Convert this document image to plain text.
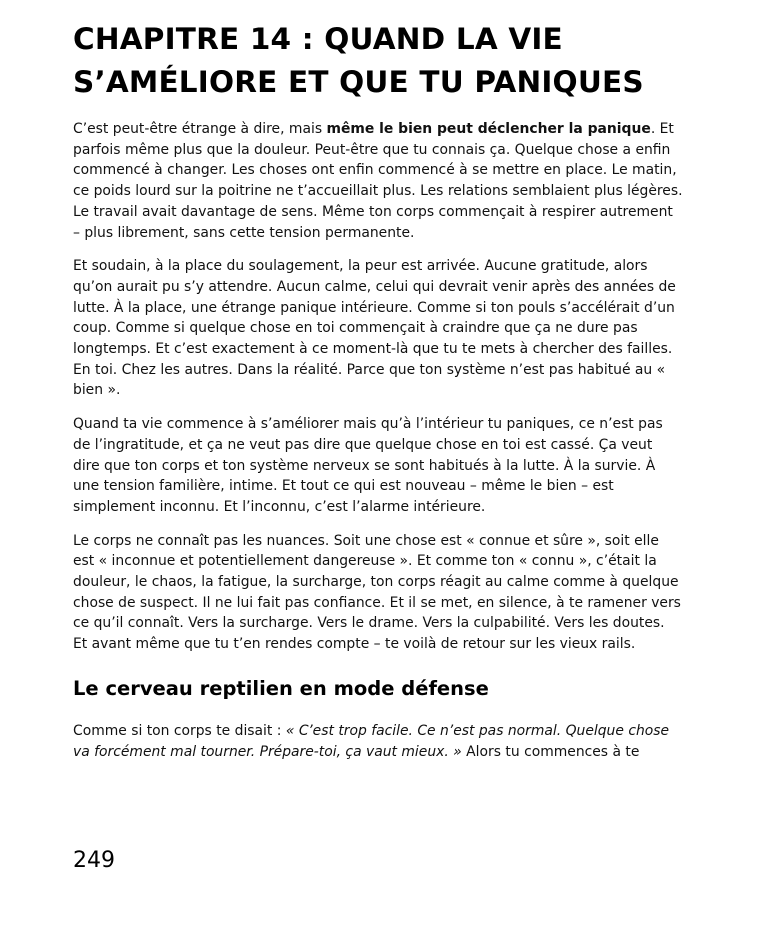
CHAPITRE 14 : QUAND LA VIE S’AMÉLIORE ET QUE TU PANIQUES

C’est peut-être étrange à dire, mais même le bien peut déclencher la panique. Et parfois même plus que la douleur. Peut-être que tu connais ça. Quelque chose a enfin commencé à changer. Les choses ont enfin commencé à se mettre en place. Le matin, ce poids lourd sur la poitrine ne t’accueillait plus. Les relations semblaient plus légères. Le travail avait davantage de sens. Même ton corps commençait à respirer autrement – plus librement, sans cette tension permanente.

Et soudain, à la place du soulagement, la peur est arrivée. Aucune gratitude, alors qu’on aurait pu s’y attendre. Aucun calme, celui qui devrait venir après des années de lutte. À la place, une étrange panique intérieure. Comme si ton pouls s’accélérait d’un coup. Comme si quelque chose en toi commençait à craindre que ça ne dure pas longtemps. Et c’est exactement à ce moment-là que tu te mets à chercher des failles. En toi. Chez les autres. Dans la réalité. Parce que ton système n’est pas habitué au « bien ».

Quand ta vie commence à s’améliorer mais qu’à l’intérieur tu paniques, ce n’est pas de l’ingratitude, et ça ne veut pas dire que quelque chose en toi est cassé. Ça veut dire que ton corps et ton système nerveux se sont habitués à la lutte. À la survie. À une tension familière, intime. Et tout ce qui est nouveau – même le bien – est simplement inconnu. Et l’inconnu, c’est l’alarme intérieure.

Le corps ne connaît pas les nuances. Soit une chose est « connue et sûre », soit elle est « inconnue et potentiellement dangereuse ». Et comme ton « connu », c’était la douleur, le chaos, la fatigue, la surcharge, ton corps réagit au calme comme à quelque chose de suspect. Il ne lui fait pas confiance. Et il se met, en silence, à te ramener vers ce qu’il connaît. Vers la surcharge. Vers le drame. Vers la culpabilité. Vers les doutes. Et avant même que tu t’en rendes compte – te voilà de retour sur les vieux rails.

Le cerveau reptilien en mode défense

Comme si ton corps te disait : « C’est trop facile. Ce n’est pas normal. Quelque chose va forcément mal tourner. Prépare-toi, ça vaut mieux. » Alors tu commences à te

249
